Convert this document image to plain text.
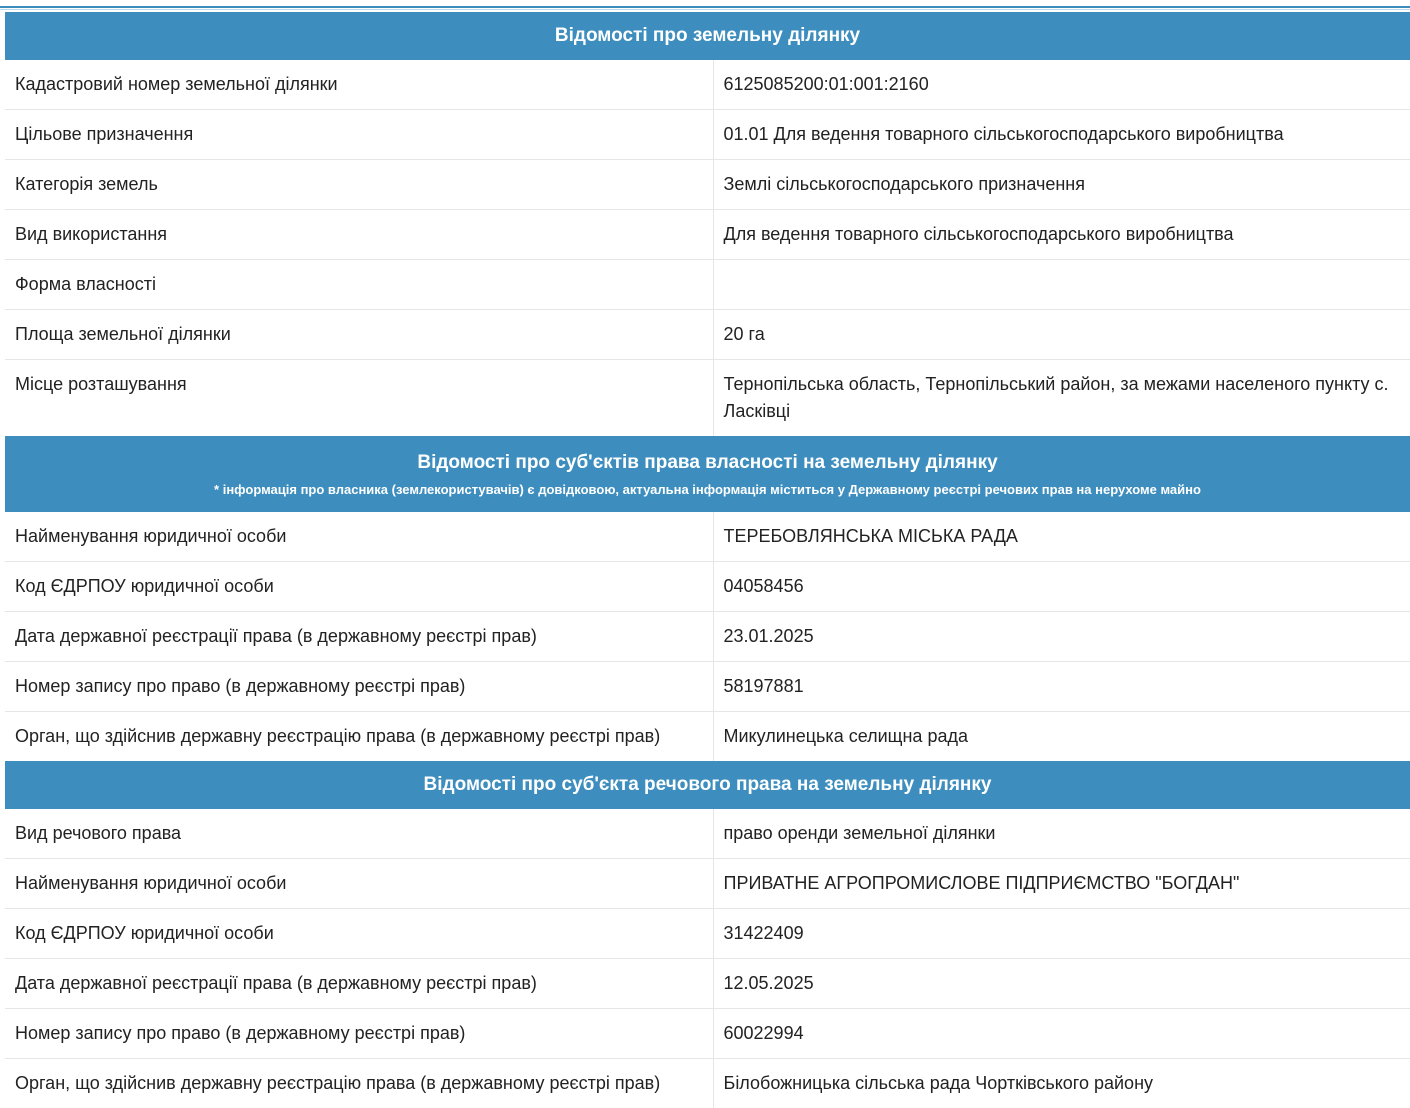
Відомості про земельну ділянку	
Кадастровий номер земельної ділянки	6125085200:01:001:2160
Цільове призначення	01.01 Для ведення товарного сільськогосподарського виробництва
Категорія земель	Землі сільськогосподарського призначення
Вид використання	Для ведення товарного сільськогосподарського виробництва
Форма власності	
Площа земельної ділянки	20 га
Місце розташування	Тернопільська область, Тернопільський район, за межами населеного пункту с. Ласківці
Відомості про суб'єктів права власності на земельну ділянку
* інформація про власника (землекористувачів) є довідковою, актуальна інформація міститься у Державному реєстрі речових прав на нерухоме майно	

Найменування юридичної особи	ТЕРЕБОВЛЯНСЬКА МІСЬКА РАДА
Код ЄДРПОУ юридичної особи	04058456
Дата державної реєстрації права (в державному реєстрі прав)	23.01.2025
Номер запису про право (в державному реєстрі прав)	58197881
Орган, що здійснив державну реєстрацію права (в державному реєстрі прав)	Микулинецька селищна рада
Відомості про суб'єкта речового права на земельну ділянку	
Вид речового права	право оренди земельної ділянки
Найменування юридичної особи	ПРИВАТНЕ АГРОПРОМИСЛОВЕ ПІДПРИЄМСТВО "БОГДАН"
Код ЄДРПОУ юридичної особи	31422409
Дата державної реєстрації права (в державному реєстрі прав)	12.05.2025
Номер запису про право (в державному реєстрі прав)	60022994
Орган, що здійснив державну реєстрацію права (в державному реєстрі прав)	Білобожницька сільська рада Чортківського району
